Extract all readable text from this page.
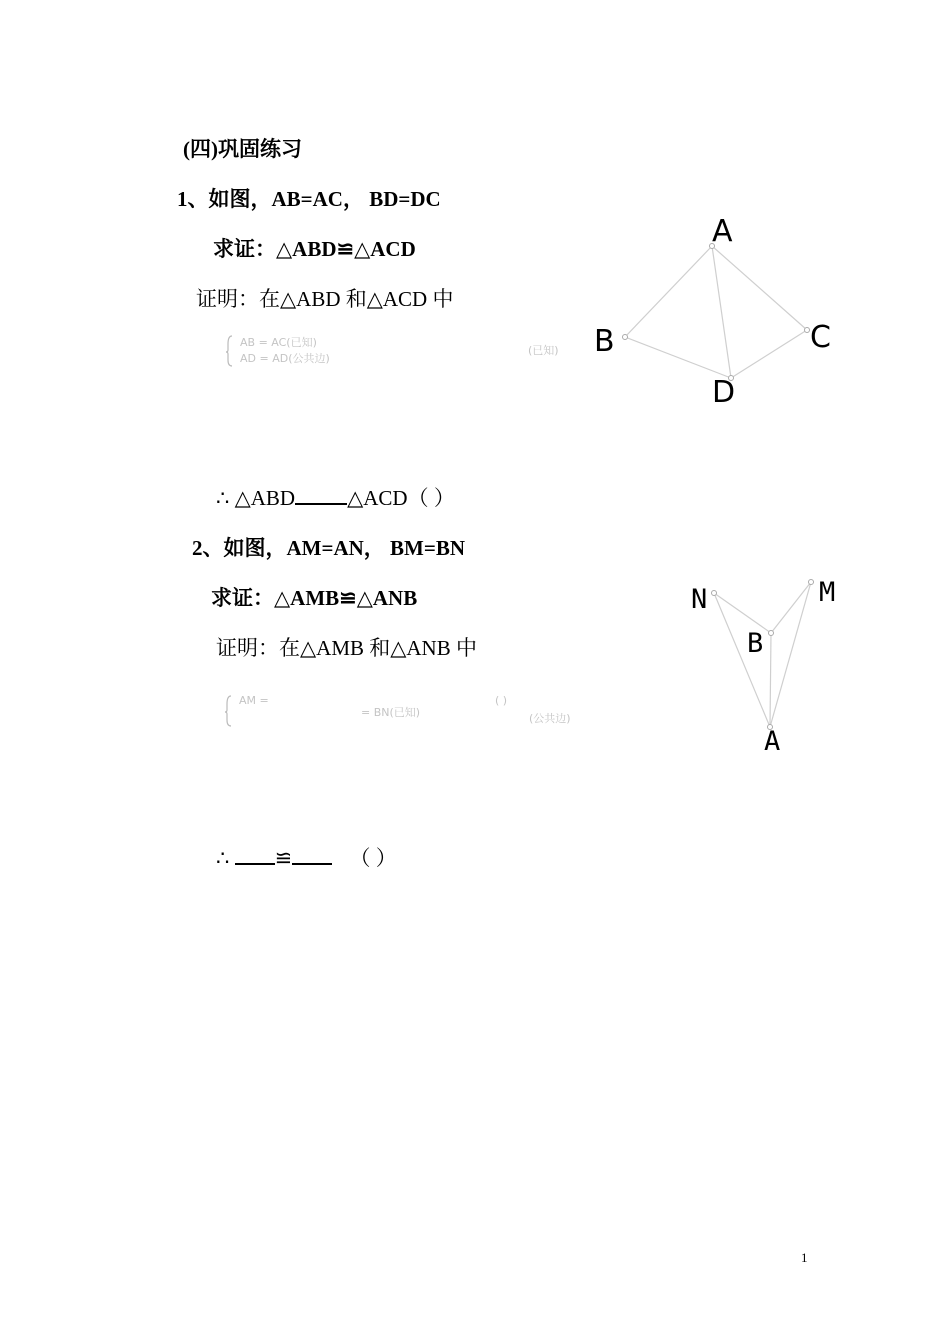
(四)巩固练习
1、如图，AB=AC， BD=DC
求证：△ABD≌△ACD
证明：在△ABD 和△ACD 中
AB = AC(已知)
AD = AD(公共边)
(已知)
∴ △ABD △ACD（ ）
A
B	C
D
2、如图，AM=AN， BM=BN
求证：△AMB≌△ANB
证明：在△AMB 和△ANB 中
AM =	( )
= BN(已知)	(公共边)
∴ ≌	（ ）
N	M
B
A
1
